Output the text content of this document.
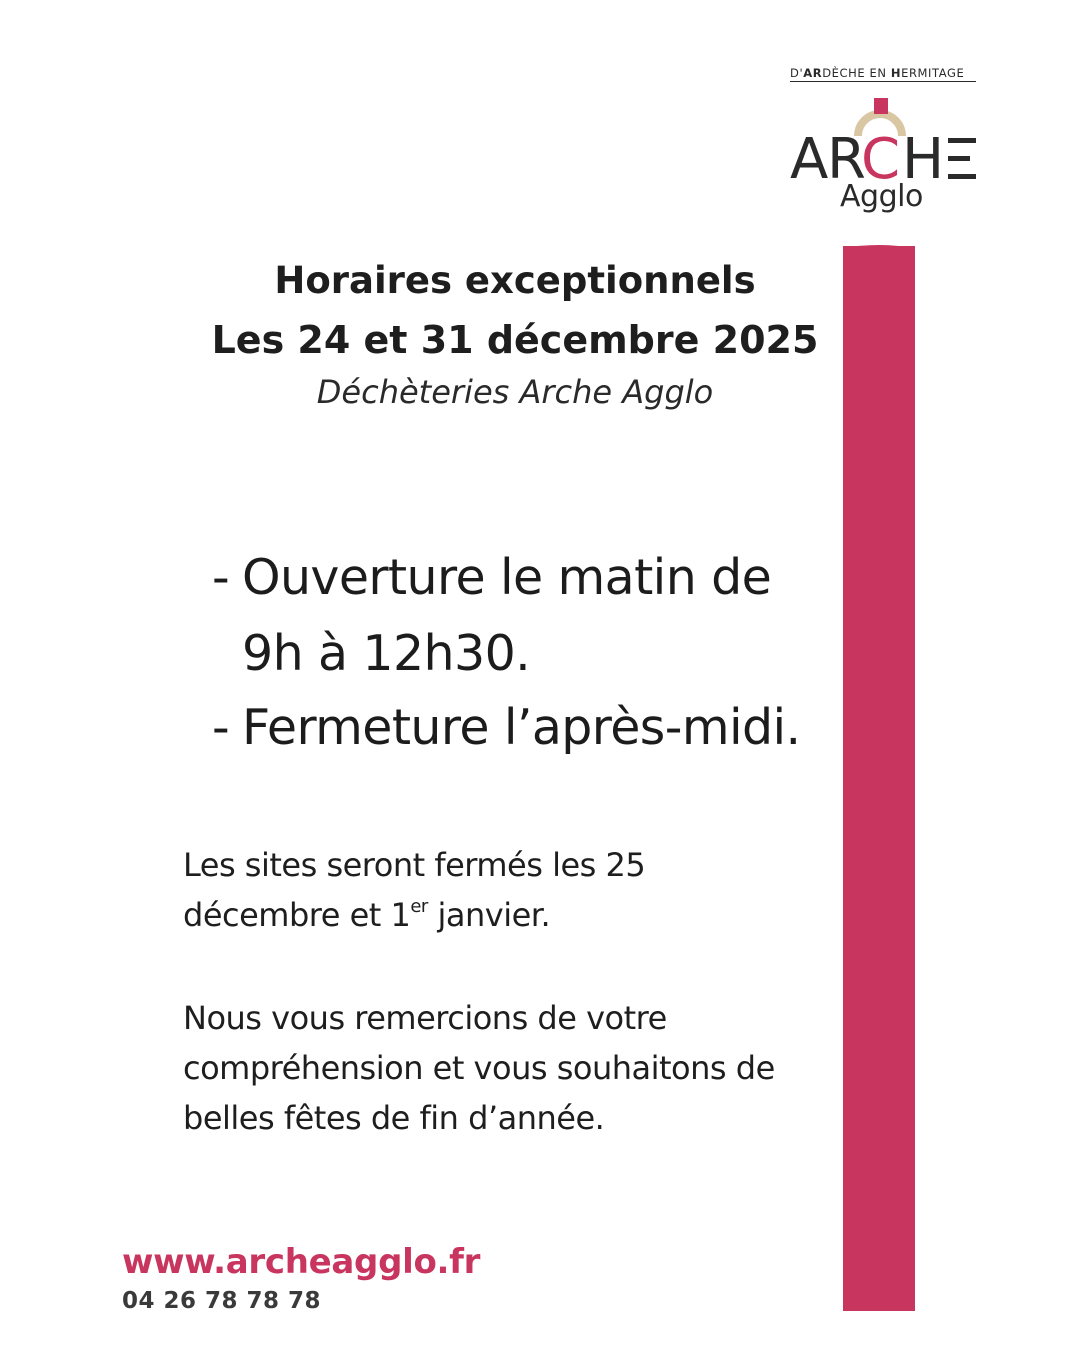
D'ARDÈCHE EN HERMITAGE
A
R
C H
Agglo
Horaires exceptionnels
Les 24 et 31 décembre 2025
Déchèteries Arche Agglo
- Ouverture le matin de
9h à 12h30.
- Fermeture l’après-midi.
Les sites seront fermés les 25
décembre et 1er janvier.
Nous vous remercions de votre
compréhension et vous souhaitons de
belles fêtes de fin d’année.
www.archeagglo.fr
04 26 78 78 78
